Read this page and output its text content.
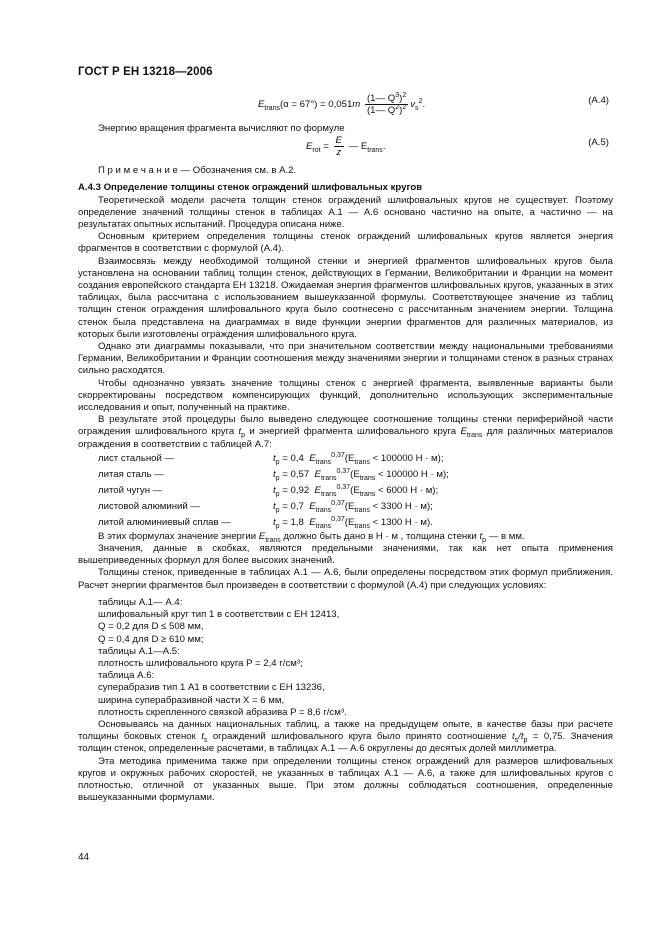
ГОСТ Р ЕН 13218—2006
$E_{trans}(\alpha = 67^\circ) = 0,051m \frac{(1— Q^3)^2}{(1— Q^2)^2} v_s^2$.	(A.4)

Энергию вращения фрагмента вычисляют по формуле

$E_{rot} = \frac{E}{z}$ — $E_{trans}$.	(A.5)

П р и м е ч а н и е — Обозначения см. в А.2.

A.4.3 Определение толщины стенок ограждений шлифовальных кругов

Теоретической модели расчета толщин стенок ограждений шлифовальных кругов не существует. Поэтому определение значений толщины стенок в таблицах А.1 — А.6 основано частично на опыте, а частично — на результатах опытных испытаний. Процедура описана ниже.

Основным критерием определения толщины стенок ограждений шлифовальных кругов является энергия фрагментов в соответствии с формулой (А.4).

Взаимосвязь между необходимой толщиной стенки и энергией фрагментов шлифовальных кругов была установлена на основании таблиц толщин стенок, действующих в Германии, Великобритании и Франции на момент создания европейского стандарта ЕН 13218. Ожидаемая энергия фрагментов шлифовальных кругов, указанных в этих таблицах, была рассчитана с использованием вышеуказанной формулы. Соответствующее значение из таблиц толщин стенок ограждения шлифовального круга было соотнесено с рассчитанным значением энергии. Толщина стенок была представлена на диаграммах в виде функции энергии фрагментов для различных материалов, из которых были изготовлены ограждения шлифовального круга.

Однако эти диаграммы показывали, что при значительном соответствии между национальными требованиями Германии, Великобритании и Франции соотношения между значениями энергии и толщинами стенок в разных странах сильно расходятся.

Чтобы однозначно увязать значение толщины стенок с энергией фрагмента, выявленные варианты были скорректированы посредством компенсирующих функций, дополнительно использующих экспериментальные исследования и опыт, полученный на практике.

В результате этой процедуры было выведено следующее соотношение толщины стенки периферийной части ограждения шлифовального круга $t_p$ и энергией фрагмента шлифовального круга $E_{trans}$ для различных материалов ограждения в соответствии с таблицей А.7:

лист стальной —	$t_p = 0,4$ $E_{trans}^{0,37}(E_{trans} < 100000$ Н · м);
литая сталь —	$t_p = 0,57$ $E_{trans}^{0,37}(E_{trans} < 100000$ Н · м);
литой чугун —	$t_p = 0,92$ $E_{trans}^{0,37}(E_{trans} < 6000$ Н · м);
листовой алюминий —	$t_p = 0,7$ $E_{trans}^{0,37}(E_{trans} < 3300$ Н · м);
литой алюминиевый сплав —	$t_p = 1,8$ $E_{trans}^{0,37}(E_{trans} < 1300$ Н · м).

В этих формулах значение энергии $E_{trans}$ должно быть дано в Н · м , толщина стенки $t_p$ — в мм.

Значения, данные в скобках, являются предельными значениями, так как нет опыта применения вышеприведенных формул для более высоких значений.

Толщины стенок, приведенные в таблицах А.1 — А.6, были определены посредством этих формул приближения. Расчет энергии фрагментов был произведен в соответствии с формулой (А.4) при следующих условиях:

таблицы А.1— А.4:
шлифовальный круг тип 1 в соответствии с ЕН 12413,
Q = 0,2 для D ≤ 508 мм,
Q = 0,4 для D ≥ 610 мм;
таблицы А.1—А.5:
плотность шлифовального круга P = 2,4 г/см³;
таблица А.6:
суперабразив тип 1 А1 в соответствии с ЕН 13236,
ширина суперабразивной части X = 6 мм,
плотность скрепленного связкой абразива P = 8,6 г/см³.

Основываясь на данных национальных таблиц, а также на предыдущем опыте, в качестве базы при расчете толщины боковых стенок $t_s$ ограждений шлифовального круга было принято соотношение $t_s/t_p = 0,75$. Значения толщин стенок, определенные расчетами, в таблицах А.1 — А.6 округлены до десятых долей миллиметра.

Эта методика применима также при определении толщины стенок ограждений для размеров шлифовальных кругов и окружных рабочих скоростей, не указанных в таблицах А.1 — А.6, а также для шлифовальных кругов с плотностью, отличной от указанных выше. При этом должны соблюдаться соотношения, определенные вышеуказанными формулами.

44
